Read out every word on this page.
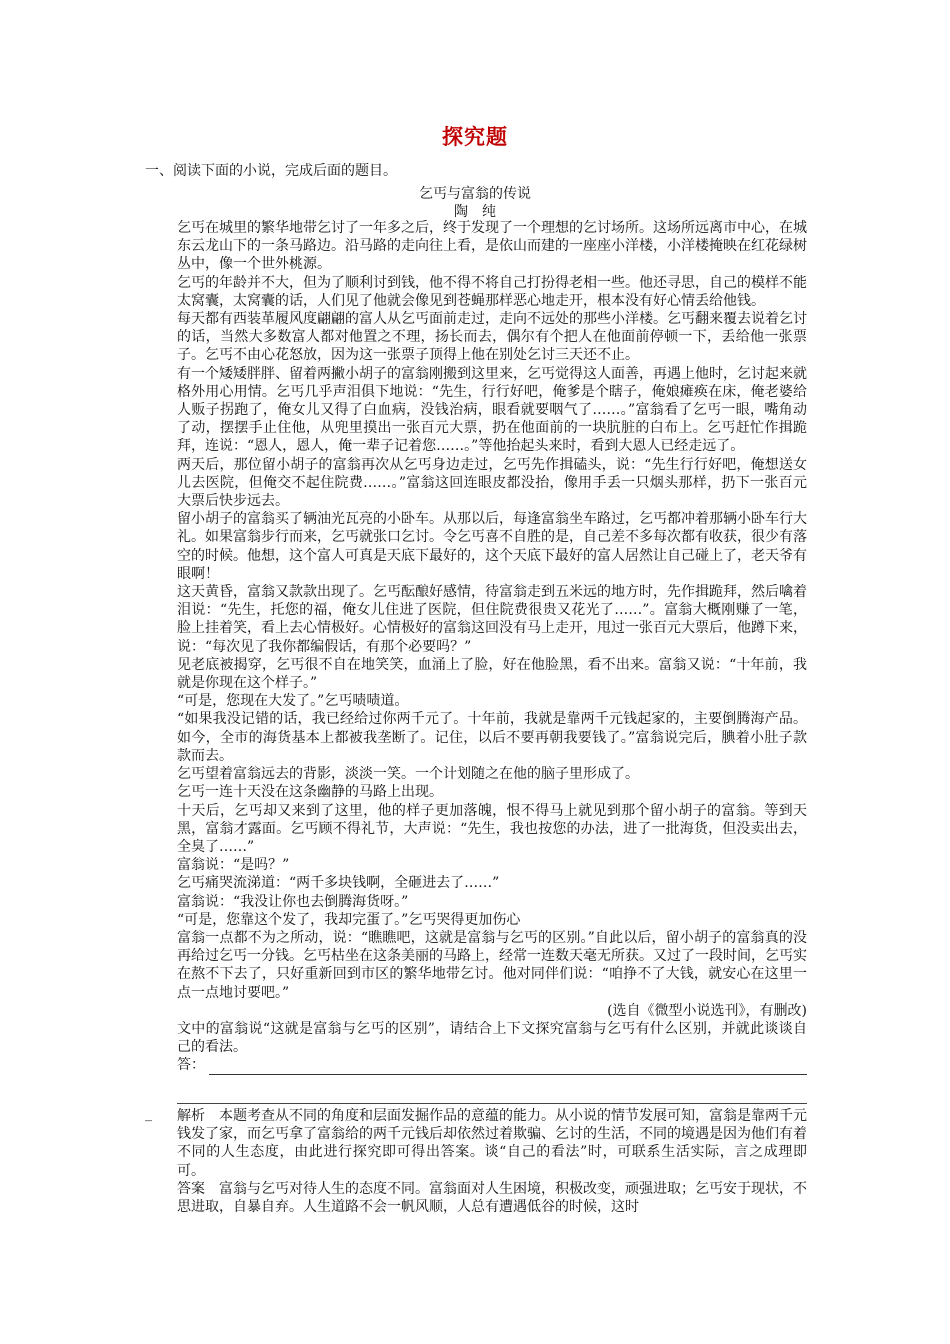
探究题
一、阅读下面的小说，完成后面的题目。
乞丐与富翁的传说
陶纯

乞丐在城里的繁华地带乞讨了一年多之后，终于发现了一个理想的乞讨场所。这场所远离市中心，在城东云龙山下的一条马路边。沿马路的走向往上看，是依山而建的一座座小洋楼，小洋楼掩映在红花绿树丛中，像一个世外桃源。

乞丐的年龄并不大，但为了顺利讨到钱，他不得不将自己打扮得老相一些。他还寻思，自己的模样不能太窝囊，太窝囊的话，人们见了他就会像见到苍蝇那样恶心地走开，根本没有好心情丢给他钱。

每天都有西装革履风度翩翩的富人从乞丐面前走过，走向不远处的那些小洋楼。乞丐翻来覆去说着乞讨的话，当然大多数富人都对他置之不理，扬长而去，偶尔有个把人在他面前停顿一下，丢给他一张票子。乞丐不由心花怒放，因为这一张票子顶得上他在别处乞讨三天还不止。

有一个矮矮胖胖、留着两撇小胡子的富翁刚搬到这里来，乞丐觉得这人面善，再遇上他时，乞讨起来就格外用心用情。乞丐几乎声泪俱下地说：“先生，行行好吧，俺爹是个瞎子，俺娘瘫痪在床，俺老婆给人贩子拐跑了，俺女儿又得了白血病，没钱治病，眼看就要咽气了……。”富翁看了乞丐一眼，嘴角动了动，摆摆手止住他，从兜里摸出一张百元大票，扔在他面前的一块肮脏的白布上。乞丐赶忙作揖跪拜，连说：“恩人，恩人，俺一辈子记着您……。”等他抬起头来时，看到大恩人已经走远了。

两天后，那位留小胡子的富翁再次从乞丐身边走过，乞丐先作揖磕头，说：“先生行行好吧，俺想送女儿去医院，但俺交不起住院费……。”富翁这回连眼皮都没抬，像用手丢一只烟头那样，扔下一张百元大票后快步远去。

留小胡子的富翁买了辆油光瓦亮的小卧车。从那以后，每逢富翁坐车路过，乞丐都冲着那辆小卧车行大礼。如果富翁步行而来，乞丐就张口乞讨。令乞丐喜不自胜的是，自己差不多每次都有收获，很少有落空的时候。他想，这个富人可真是天底下最好的，这个天底下最好的富人居然让自己碰上了，老天爷有眼啊！

这天黄昏，富翁又款款出现了。乞丐酝酿好感情，待富翁走到五米远的地方时，先作揖跪拜，然后噙着泪说：“先生，托您的福，俺女儿住进了医院，但住院费很贵又花光了……”。富翁大概刚赚了一笔，脸上挂着笑，看上去心情极好。心情极好的富翁这回没有马上走开，甩过一张百元大票后，他蹲下来，说：“每次见了我你都编假话，有那个必要吗？”

见老底被揭穿，乞丐很不自在地笑笑，血涌上了脸，好在他脸黑，看不出来。富翁又说：“十年前，我就是你现在这个样子。”

“可是，您现在大发了。”乞丐啧啧道。

“如果我没记错的话，我已经给过你两千元了。十年前，我就是靠两千元钱起家的，主要倒腾海产品。如今，全市的海货基本上都被我垄断了。记住，以后不要再朝我要钱了。”富翁说完后，腆着小肚子款款而去。

乞丐望着富翁远去的背影，淡淡一笑。一个计划随之在他的脑子里形成了。

乞丐一连十天没在这条幽静的马路上出现。

十天后，乞丐却又来到了这里，他的样子更加落魄，恨不得马上就见到那个留小胡子的富翁。等到天黑，富翁才露面。乞丐顾不得礼节，大声说：“先生，我也按您的办法，进了一批海货，但没卖出去，全臭了……”

富翁说：“是吗？”

乞丐痛哭流涕道：“两千多块钱啊，全砸进去了……”

富翁说：“我没让你也去倒腾海货呀。”

“可是，您靠这个发了，我却完蛋了。”乞丐哭得更加伤心

富翁一点都不为之所动，说：“瞧瞧吧，这就是富翁与乞丐的区别。”自此以后，留小胡子的富翁真的没再给过乞丐一分钱。乞丐枯坐在这条美丽的马路上，经常一连数天毫无所获。又过了一段时间，乞丐实在熬不下去了，只好重新回到市区的繁华地带乞讨。他对同伴们说：“咱挣不了大钱，就安心在这里一点一点地讨要吧。”

(选自《微型小说选刊》，有删改)

文中的富翁说“这就是富翁与乞丐的区别”，请结合上下文探究富翁与乞丐有什么区别，并就此谈谈自己的看法。

答：
_ 解析　本题考查从不同的角度和层面发掘作品的意蕴的能力。从小说的情节发展可知，富翁是靠两千元钱发了家，而乞丐拿了富翁给的两千元钱后却依然过着欺骗、乞讨的生活，不同的境遇是因为他们有着不同的人生态度，由此进行探究即可得出答案。谈“自己的看法”时，可联系生活实际，言之成理即可。

答案　富翁与乞丐对待人生的态度不同。富翁面对人生困境，积极改变，顽强进取；乞丐安于现状，不思进取，自暴自弃。人生道路不会一帆风顺，人总有遭遇低谷的时候，这时
